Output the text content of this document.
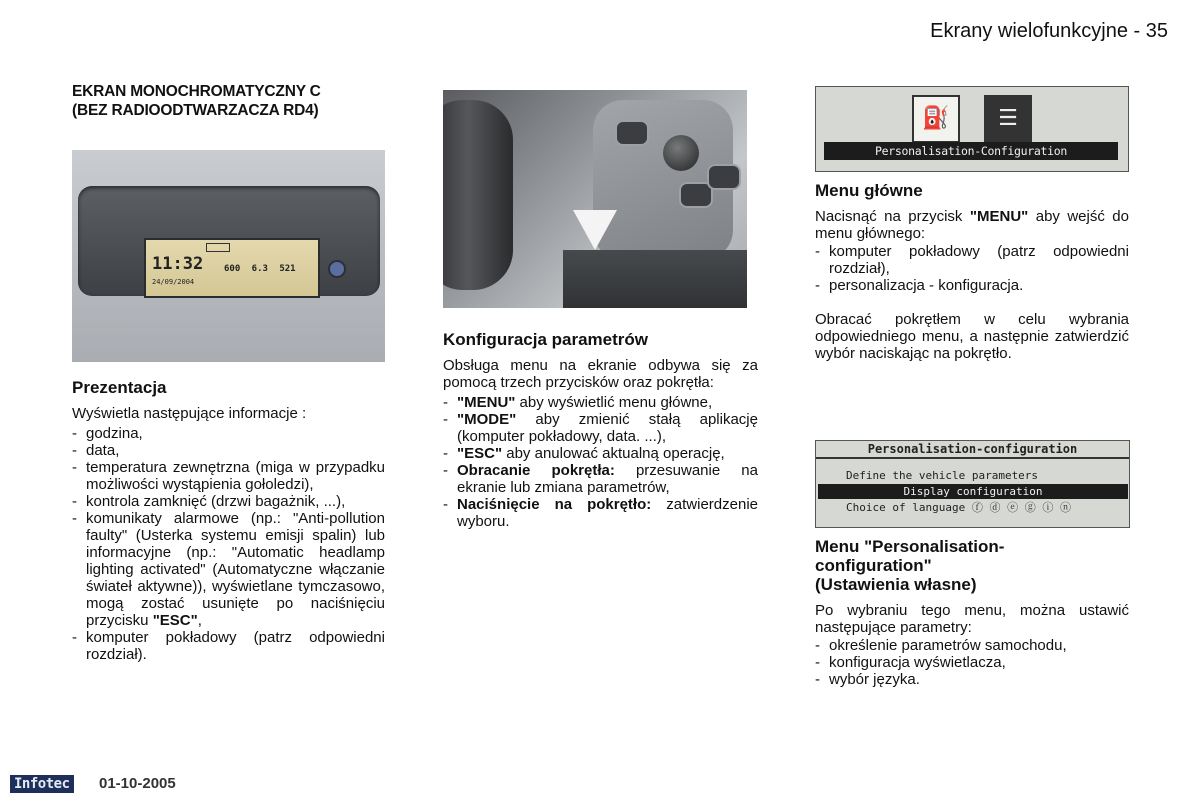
Ekrany wielofunkcyjne - 35
EKRAN MONOCHROMATYCZNY C
(BEZ RADIOODTWARZACZA RD4)
11:32
24/09/2004
600 6.3 521
Prezentacja
Wyświetla następujące informacje :
- godzina,
- data,
- temperatura zewnętrzna (miga w przypadku możliwości wystąpienia gołoledzi),
- kontrola zamknięć (drzwi bagażnik, ...),
- komunikaty alarmowe (np.: "Anti-pollution faulty" (Usterka systemu emisji spalin) lub informacyjne (np.: "Automatic headlamp lighting activated" (Automatyczne włączanie świateł aktywne)), wyświetlane tymczasowo, mogą zostać usunięte po naciśnięciu przycisku "ESC",
- komputer pokładowy (patrz odpowiedni rozdział).
Konfiguracja parametrów
Obsługa menu na ekranie odbywa się za pomocą trzech przycisków oraz pokrętła:
- "MENU" aby wyświetlić menu główne,
- "MODE" aby zmienić stałą aplikację (komputer pokładowy, data. ...),
- "ESC" aby anulować aktualną operację,
- Obracanie pokrętła: przesuwanie na ekranie lub zmiana parametrów,
- Naciśnięcie na pokrętło: zatwierdzenie wyboru.
⛽	☰
Personalisation-Configuration
Menu główne
Nacisnąć na przycisk "MENU" aby wejść do menu głównego:
- komputer pokładowy (patrz odpowiedni rozdział),
- personalizacja - konfiguracja.
Obracać pokrętłem w celu wybrania odpowiedniego menu, a następnie zatwierdzić wybór naciskając na pokrętło.
Personalisation-configuration
Define the vehicle parameters
Display configuration
Choice of language ⓕ ⓓ ⓔ ⓖ ⓘ ⓝ
Menu "Personalisation-
configuration"
(Ustawienia własne)
Po wybraniu tego menu, można ustawić następujące parametry:
- określenie parametrów samochodu,
- konfiguracja wyświetlacza,
- wybór języka.
Infotec 01-10-2005
